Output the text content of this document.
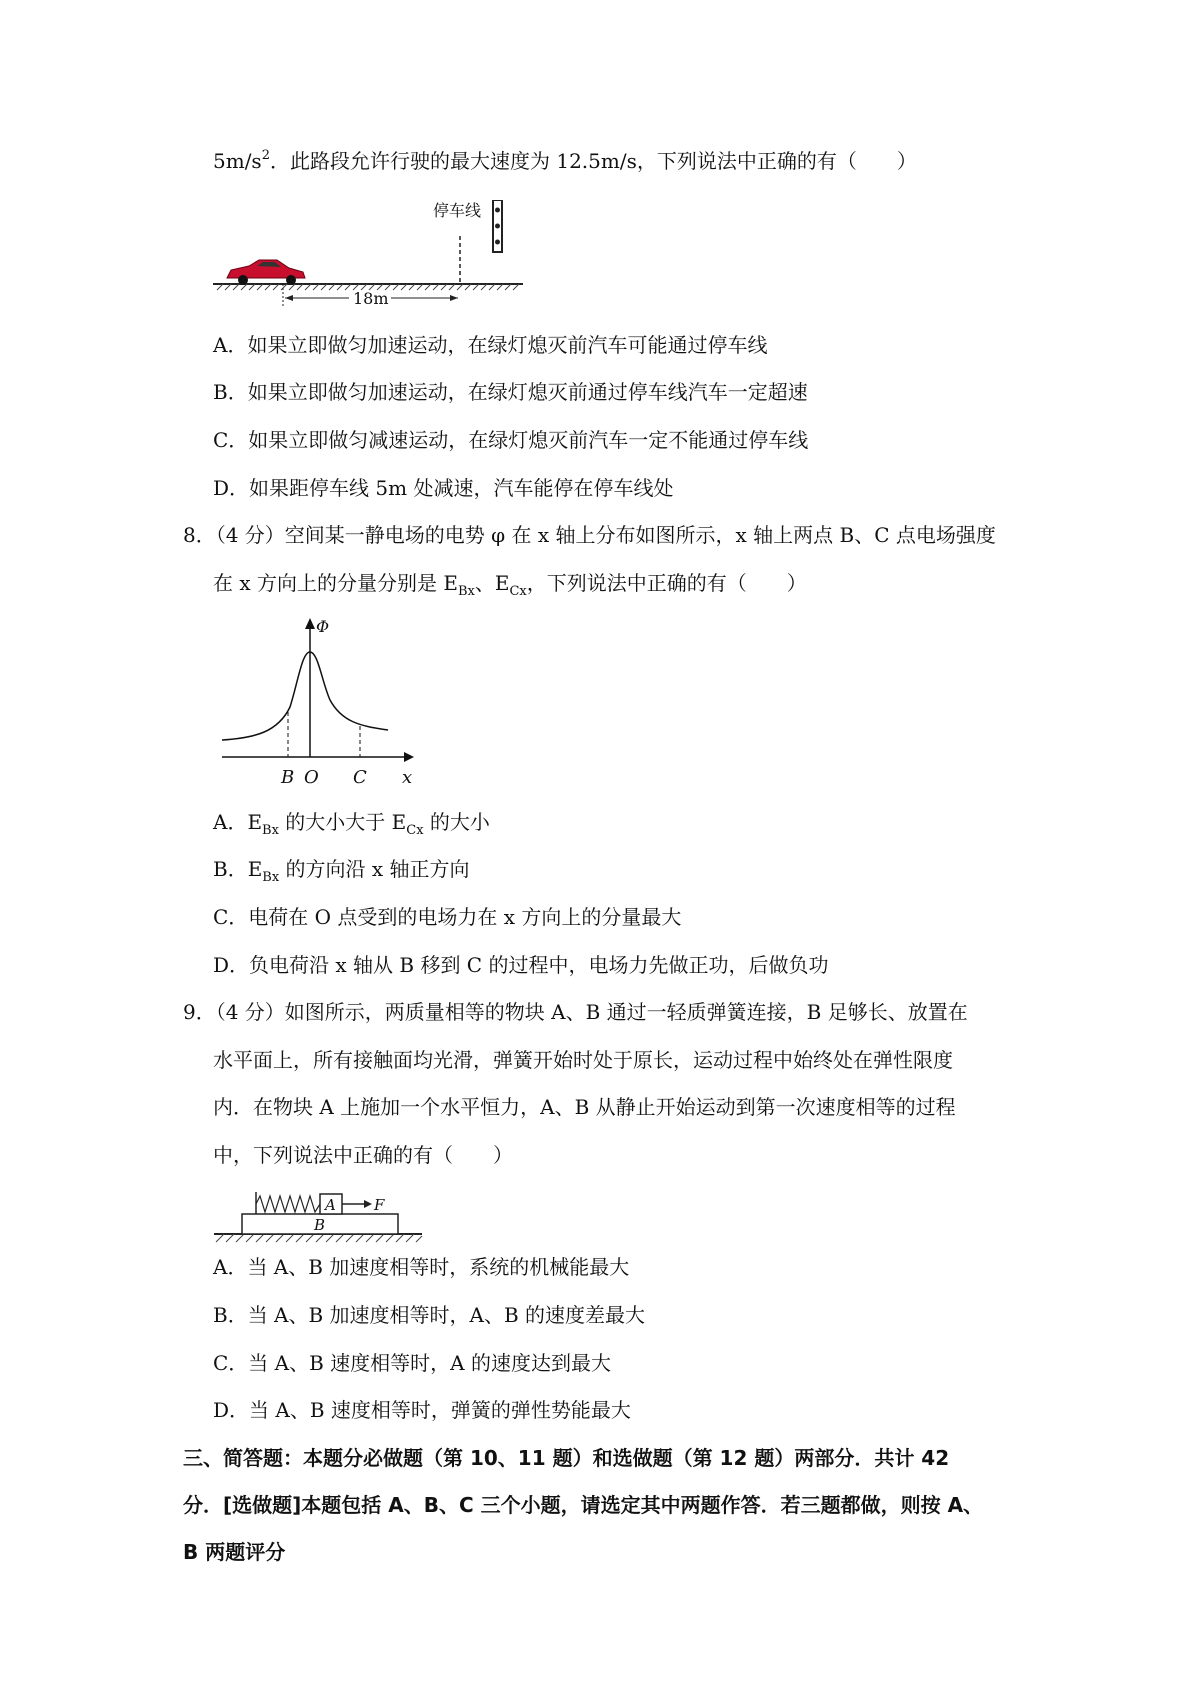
$5m/s^2$．此路段允许行驶的最大速度为 12.5m/s，下列说法中正确的有（　　）
停车线
18m
A．如果立即做匀加速运动，在绿灯熄灭前汽车可能通过停车线
B．如果立即做匀加速运动，在绿灯熄灭前通过停车线汽车一定超速
C．如果立即做匀减速运动，在绿灯熄灭前汽车一定不能通过停车线
D．如果距停车线 5m 处减速，汽车能停在停车线处
8．（4 分）空间某一静电场的电势 φ 在 x 轴上分布如图所示，x 轴上两点 B、C 点电场强度
在 x 方向上的分量分别是 $E_{Bx}$、$E_{Cx}$，下列说法中正确的有（　　）
Φ
B O C x
A．$E_{Bx}$ 的大小大于 $E_{Cx}$ 的大小
B．$E_{Bx}$ 的方向沿 x 轴正方向
C．电荷在 O 点受到的电场力在 x 方向上的分量最大
D．负电荷沿 x 轴从 B 移到 C 的过程中，电场力先做正功，后做负功
9．（4 分）如图所示，两质量相等的物块 A、B 通过一轻质弹簧连接，B 足够长、放置在
水平面上，所有接触面均光滑，弹簧开始时处于原长，运动过程中始终处在弹性限度
内．在物块 A 上施加一个水平恒力，A、B 从静止开始运动到第一次速度相等的过程
中，下列说法中正确的有（　　）
A	F
B
A．当 A、B 加速度相等时，系统的机械能最大
B．当 A、B 加速度相等时，A、B 的速度差最大
C．当 A、B 速度相等时，A 的速度达到最大
D．当 A、B 速度相等时，弹簧的弹性势能最大
三、简答题：本题分必做题（第 10、11 题）和选做题（第 12 题）两部分．共计 42
分．[选做题]本题包括 A、B、C 三个小题，请选定其中两题作答．若三题都做，则按 A、
B 两题评分
